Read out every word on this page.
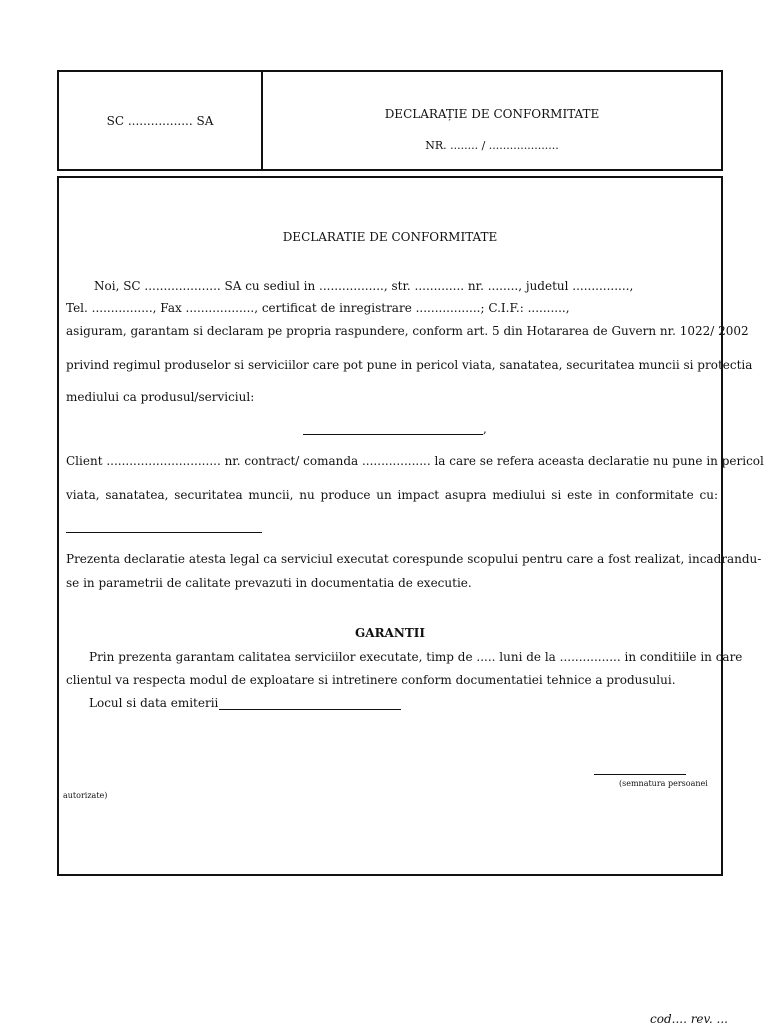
SC ................. SA	DECLARAȚIE DE CONFORMITATE
NR. ........ / ....................
DECLARATIE DE CONFORMITATE
Noi, SC .................... SA cu sediul in ................., str. ............. nr. ........, judetul ...............,
Tel. ................, Fax .................., certificat de inregistrare .................; C.I.F.: ..........,
asiguram, garantam si declaram pe propria raspundere, conform art. 5 din Hotararea de Guvern nr. 1022/ 2002
privind regimul produselor si serviciilor care pot pune in pericol viata, sanatatea, securitatea muncii si protectia
mediului ca produsul/serviciul:
,
Client .............................. nr. contract/ comanda .................. la care se refera aceasta declaratie nu pune in pericol
viata, sanatatea, securitatea muncii, nu produce un impact asupra mediului si este in conformitate cu:
Prezenta declaratie atesta legal ca serviciul executat corespunde scopului pentru care a fost realizat, incadrandu-
se in parametrii de calitate prevazuti in documentatia de executie.
GARANTII
Prin prezenta garantam calitatea serviciilor executate, timp de ..... luni de la ................ in conditiile in care
clientul va respecta modul de exploatare si intretinere conform documentatiei tehnice a produsului.
Locul si data emiterii
(semnatura persoanei
autorizate)
cod.... rev. ...
